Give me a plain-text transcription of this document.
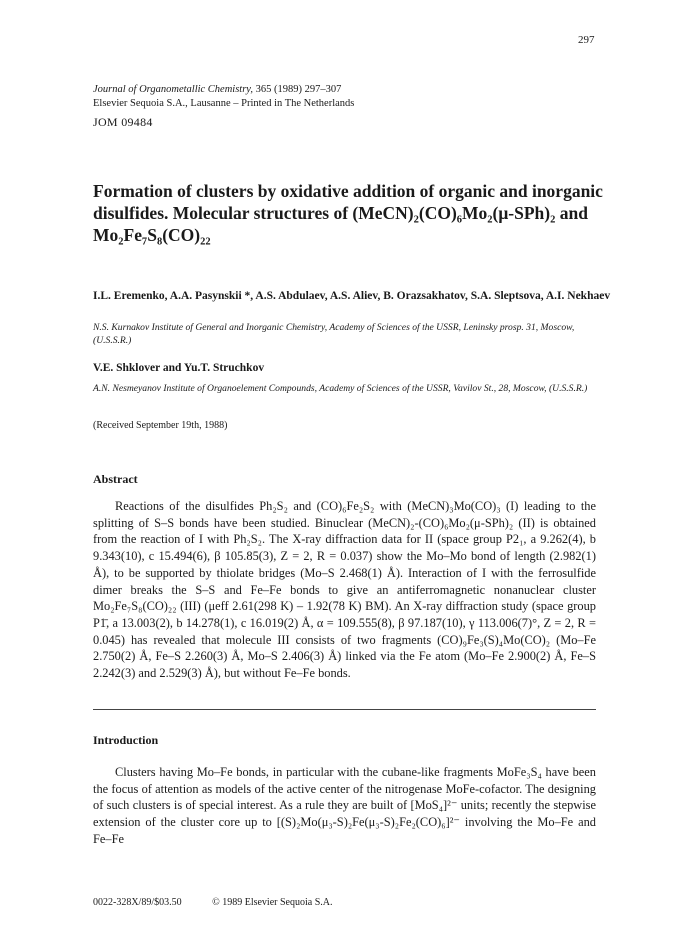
297
Journal of Organometallic Chemistry, 365 (1989) 297–307
Elsevier Sequoia S.A., Lausanne – Printed in The Netherlands
JOM 09484
Formation of clusters by oxidative addition of organic and inorganic disulfides. Molecular structures of (MeCN)₂(CO)₆Mo₂(μ-SPh)₂ and Mo₂Fe₇S₈(CO)₂₂
I.L. Eremenko, A.A. Pasynskii *, A.S. Abdulaev, A.S. Aliev, B. Orazsakhatov, S.A. Sleptsova, A.I. Nekhaev
N.S. Kurnakov Institute of General and Inorganic Chemistry, Academy of Sciences of the USSR, Leninsky prosp. 31, Moscow, (U.S.S.R.)
V.E. Shklover and Yu.T. Struchkov
A.N. Nesmeyanov Institute of Organoelement Compounds, Academy of Sciences of the USSR, Vavilov St., 28, Moscow, (U.S.S.R.)
(Received September 19th, 1988)
Abstract

Reactions of the disulfides Ph₂S₂ and (CO)₆Fe₂S₂ with (MeCN)₃Mo(CO)₃ (I) leading to the splitting of S–S bonds have been studied. Binuclear (MeCN)₂-(CO)₆Mo₂(μ-SPh)₂ (II) is obtained from the reaction of I with Ph₂S₂. The X-ray diffraction data for II (space group P2₁, a 9.262(4), b 9.343(10), c 15.494(6), β 105.85(3), Z = 2, R = 0.037) show the Mo–Mo bond of length (2.982(1) Å), to be supported by thiolate bridges (Mo–S 2.468(1) Å). Interaction of I with the ferrosulfide dimer breaks the S–S and Fe–Fe bonds to give an antiferromagnetic nonanuclear cluster Mo₂Fe₇S₈(CO)₂₂ (III) (μeff 2.61(298 K) – 1.92(78 K) BM). An X-ray diffraction study (space group P1̄, a 13.003(2), b 14.278(1), c 16.019(2) Å, α = 109.555(8), β 97.187(10), γ 113.006(7)°, Z = 2, R = 0.045) has revealed that molecule III consists of two fragments (CO)₉Fe₃(S)₄Mo(CO)₂ (Mo–Fe 2.750(2) Å, Fe–S 2.260(3) Å, Mo–S 2.406(3) Å) linked via the Fe atom (Mo–Fe 2.900(2) Å, Fe–S 2.242(3) and 2.529(3) Å), but without Fe–Fe bonds.

Introduction

Clusters having Mo–Fe bonds, in particular with the cubane-like fragments MoFe₃S₄ have been the focus of attention as models of the active center of the nitrogenase MoFe-cofactor. The designing of such clusters is of special interest. As a rule they are built of [MoS₄]²⁻ units; recently the stepwise extension of the cluster core up to [(S)₂Mo(μ₃-S)₂Fe(μ₃-S)₂Fe₂(CO)₆]²⁻ involving the Mo–Fe and Fe–Fe

0022-328X/89/$03.50	© 1989 Elsevier Sequoia S.A.
